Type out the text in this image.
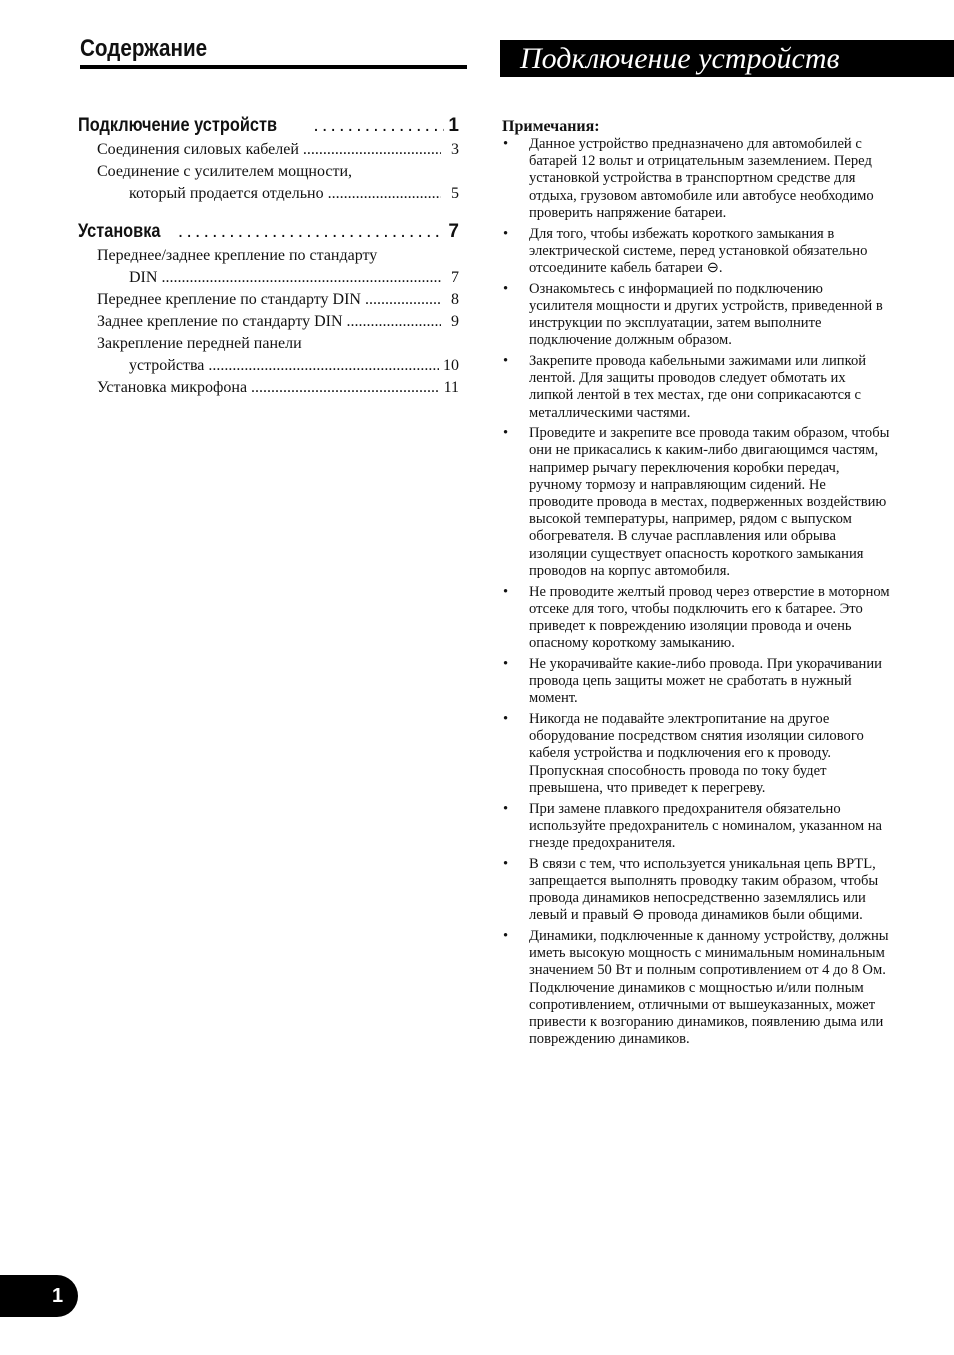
Содержание	Подключение устройств
Подключение устройств . . .	1
Соединения силовых кабелей .....	3
Соединение с усилителем мощности,
который продается отдельно .....	5
Установка . . .	7
Переднее/заднее крепление по стандарту
DIN .....	7
Переднее крепление по стандарту DIN .....	8
Заднее крепление по стандарту DIN .....	9
Закрепление передней панели
устройства .....	10
Установка микрофона .....	11
Примечания:
• Данное устройство предназначено для автомобилей с батарей 12 вольт и отрицательным заземлением. Перед установкой устройства в транспортном средстве для отдыха, грузовом автомобиле или автобусе необходимо проверить напряжение батареи.
• Для того, чтобы избежать короткого замыкания в электрической системе, перед установкой обязательно отсоедините кабель батареи ⊖.
• Ознакомьтесь с информацией по подключению усилителя мощности и других устройств, приведенной в инструкции по эксплуатации, затем выполните подключение должным образом.
• Закрепите провода кабельными зажимами или липкой лентой. Для защиты проводов следует обмотать их липкой лентой в тех местах, где они соприкасаются с металлическими частями.
• Проведите и закрепите все провода таким образом, чтобы они не прикасались к каким-либо двигающимся частям, например рычагу переключения коробки передач, ручному тормозу и направляющим сидений. Не проводите провода в местах, подверженных воздействию высокой температуры, например, рядом с выпуском обогревателя. В случае расплавления или обрыва изоляции существует опасность короткого замыкания проводов на корпус автомобиля.
• Не проводите желтый провод через отверстие в моторном отсеке для того, чтобы подключить его к батарее. Это приведет к повреждению изоляции провода и очень опасному короткому замыканию.
• Не укорачивайте какие-либо провода. При укорачивании провода цепь защиты может не сработать в нужный момент.
• Никогда не подавайте электропитание на другое оборудование посредством снятия изоляции силового кабеля устройства и подключения его к проводу. Пропускная способность провода по току будет превышена, что приведет к перегреву.
• При замене плавкого предохранителя обязательно используйте предохранитель с номиналом, указанном на гнезде предохранителя.
• В связи с тем, что используется уникальная цепь BPTL, запрещается выполнять проводку таким образом, чтобы провода динамиков непосредственно заземлялись или левый и правый ⊖ провода динамиков были общими.
• Динамики, подключенные к данному устройству, должны иметь высокую мощность с минимальным номинальным значением 50 Вт и полным сопротивлением от 4 до 8 Ом. Подключение динамиков с мощностью и/или полным сопротивлением, отличными от вышеуказанных, может привести к возгоранию динамиков, появлению дыма или повреждению динамиков.
1
